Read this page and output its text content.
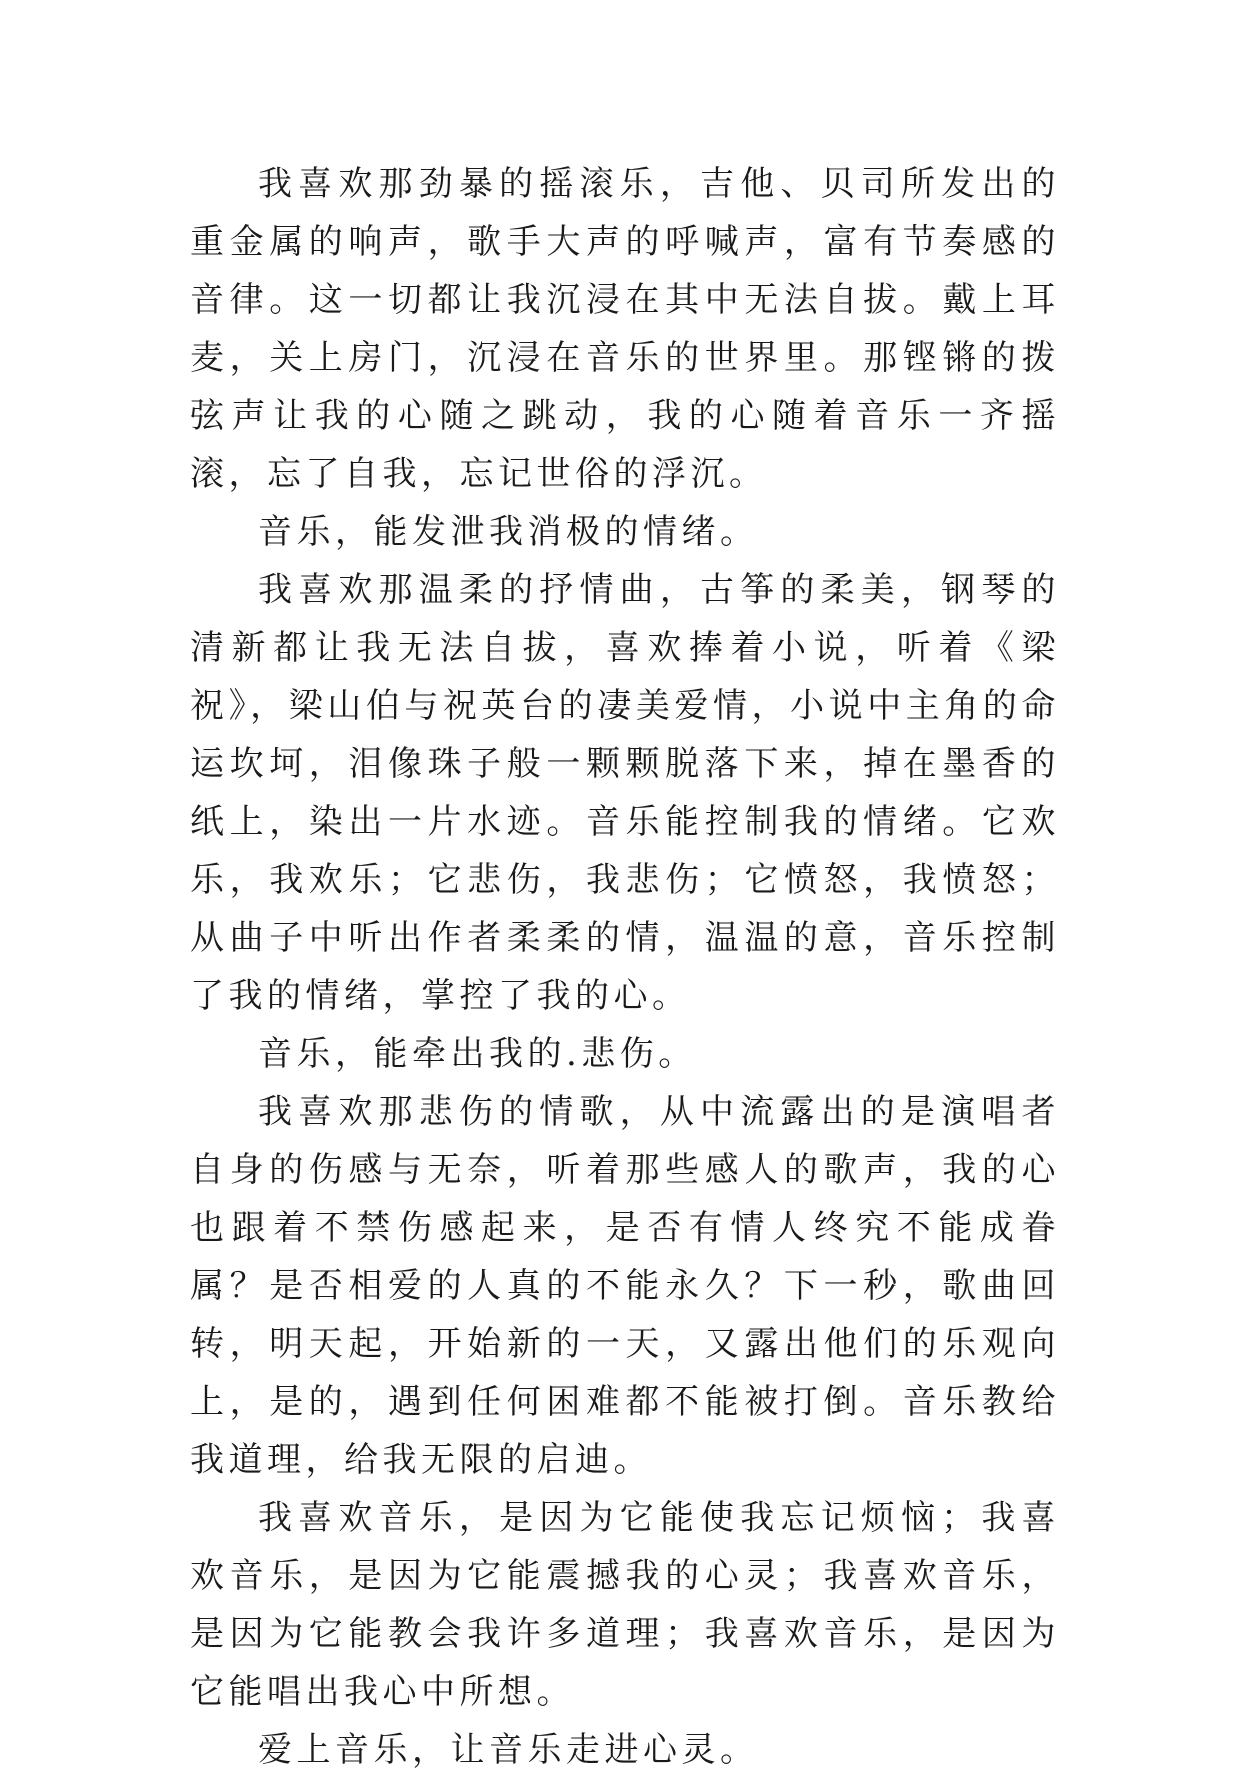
我喜欢那劲暴的摇滚乐，吉他、贝司所发出的重金属的响声，歌手大声的呼喊声，富有节奏感的音律。这一切都让我沉浸在其中无法自拔。戴上耳麦，关上房门，沉浸在音乐的世界里。那铿锵的拨弦声让我的心随之跳动，我的心随着音乐一齐摇滚，忘了自我，忘记世俗的浮沉。

音乐，能发泄我消极的情绪。

我喜欢那温柔的抒情曲，古筝的柔美，钢琴的清新都让我无法自拔，喜欢捧着小说，听着《梁祝》，梁山伯与祝英台的凄美爱情，小说中主角的命运坎坷，泪像珠子般一颗颗脱落下来，掉在墨香的纸上，染出一片水迹。音乐能控制我的情绪。它欢乐，我欢乐；它悲伤，我悲伤；它愤怒，我愤怒；从曲子中听出作者柔柔的情，温温的意，音乐控制了我的情绪，掌控了我的心。

音乐，能牵出我的.悲伤。

我喜欢那悲伤的情歌，从中流露出的是演唱者自身的伤感与无奈，听着那些感人的歌声，我的心也跟着不禁伤感起来，是否有情人终究不能成眷属？是否相爱的人真的不能永久？下一秒，歌曲回转，明天起，开始新的一天，又露出他们的乐观向上，是的，遇到任何困难都不能被打倒。音乐教给我道理，给我无限的启迪。

我喜欢音乐，是因为它能使我忘记烦恼；我喜欢音乐，是因为它能震撼我的心灵；我喜欢音乐，是因为它能教会我许多道理；我喜欢音乐，是因为它能唱出我心中所想。

爱上音乐，让音乐走进心灵。
